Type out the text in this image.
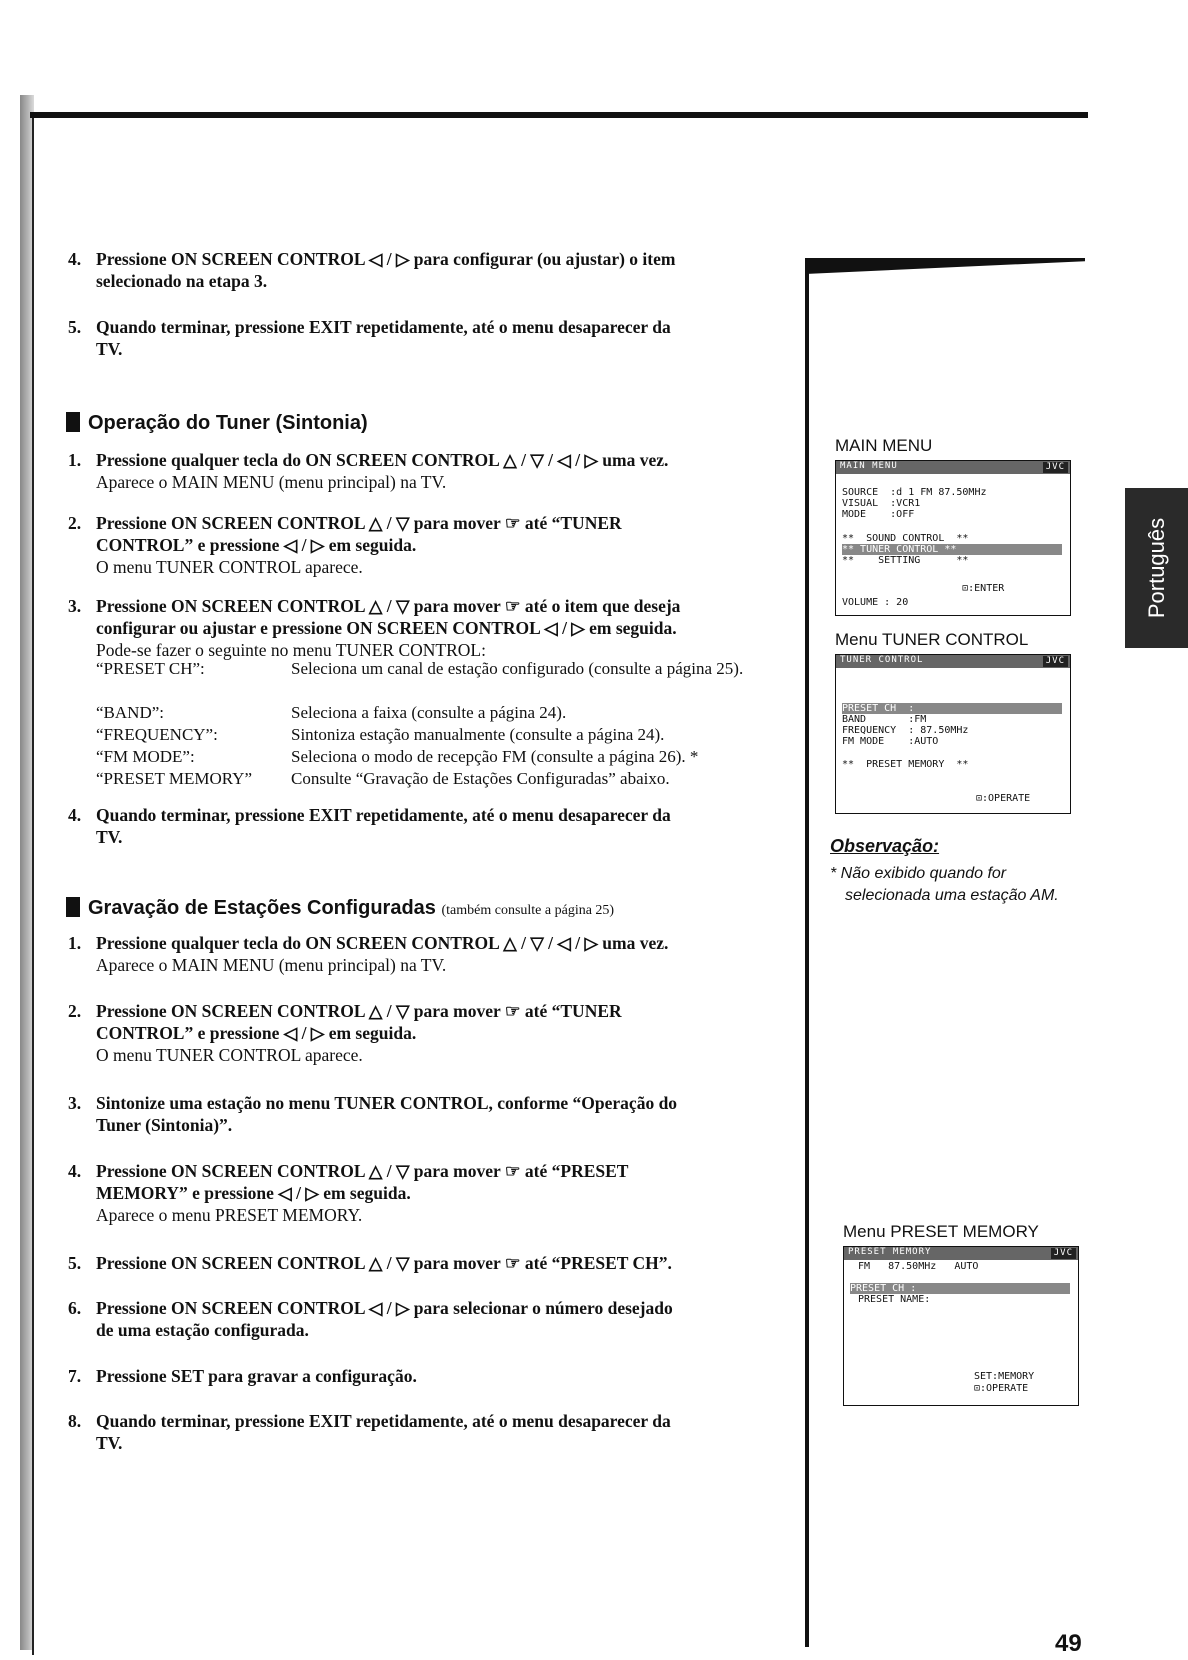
Português
4. Pressione ON SCREEN CONTROL ◁ / ▷ para configurar (ou ajustar) o item
selecionado na etapa 3.
5. Quando terminar, pressione EXIT repetidamente, até o menu desaparecer da
TV.
Operação do Tuner (Sintonia)
1. Pressione qualquer tecla do ON SCREEN CONTROL △ / ▽ / ◁ / ▷ uma vez.
Aparece o MAIN MENU (menu principal) na TV.
2. Pressione ON SCREEN CONTROL △ / ▽ para mover ☞ até “TUNER
CONTROL” e pressione ◁ / ▷ em seguida.
O menu TUNER CONTROL aparece.
3. Pressione ON SCREEN CONTROL △ / ▽ para mover ☞ até o item que deseja
configurar ou ajustar e pressione ON SCREEN CONTROL ◁ / ▷ em seguida.
Pode-se fazer o seguinte no menu TUNER CONTROL:
“PRESET CH”:	Seleciona um canal de estação configurado (consulte a página 25).
“BAND”:	Seleciona a faixa (consulte a página 24).
“FREQUENCY”:	Sintoniza estação manualmente (consulte a página 24).
“FM MODE”:	Seleciona o modo de recepção FM (consulte a página 26). *
“PRESET MEMORY” Consulte “Gravação de Estações Configuradas” abaixo.
4. Quando terminar, pressione EXIT repetidamente, até o menu desaparecer da
TV.
Gravação de Estações Configuradas (também consulte a página 25)
1. Pressione qualquer tecla do ON SCREEN CONTROL △ / ▽ / ◁ / ▷ uma vez.
Aparece o MAIN MENU (menu principal) na TV.
2. Pressione ON SCREEN CONTROL △ / ▽ para mover ☞ até “TUNER
CONTROL” e pressione ◁ / ▷ em seguida.
O menu TUNER CONTROL aparece.
3. Sintonize uma estação no menu TUNER CONTROL, conforme “Operação do
Tuner (Sintonia)”.
4. Pressione ON SCREEN CONTROL △ / ▽ para mover ☞ até “PRESET
MEMORY” e pressione ◁ / ▷ em seguida.
Aparece o menu PRESET MEMORY.
5. Pressione ON SCREEN CONTROL △ / ▽ para mover ☞ até “PRESET CH”.
6. Pressione ON SCREEN CONTROL ◁ / ▷ para selecionar o número desejado
de uma estação configurada.
7. Pressione SET para gravar a configuração.
8. Quando terminar, pressione EXIT repetidamente, até o menu desaparecer da
TV.
MAIN MENU
MAIN MENU	JVC
SOURCE  :d 1 FM 87.50MHz
VISUAL  :VCR1
MODE    :OFF
**  SOUND CONTROL  **
** TUNER CONTROL **
**    SETTING      **
⊡:ENTER
VOLUME : 20
Menu TUNER CONTROL
TUNER CONTROL	JVC
PRESET CH  :
BAND       :FM
FREQUENCY  : 87.50MHz
FM MODE    :AUTO
**  PRESET MEMORY  **
⊡:OPERATE
Observação:
* Não exibido quando for
selecionada uma estação AM.
Menu PRESET MEMORY
PRESET MEMORY	JVC
FM   87.50MHz   AUTO
PRESET CH :
PRESET NAME:
SET:MEMORY
⊡:OPERATE
49
